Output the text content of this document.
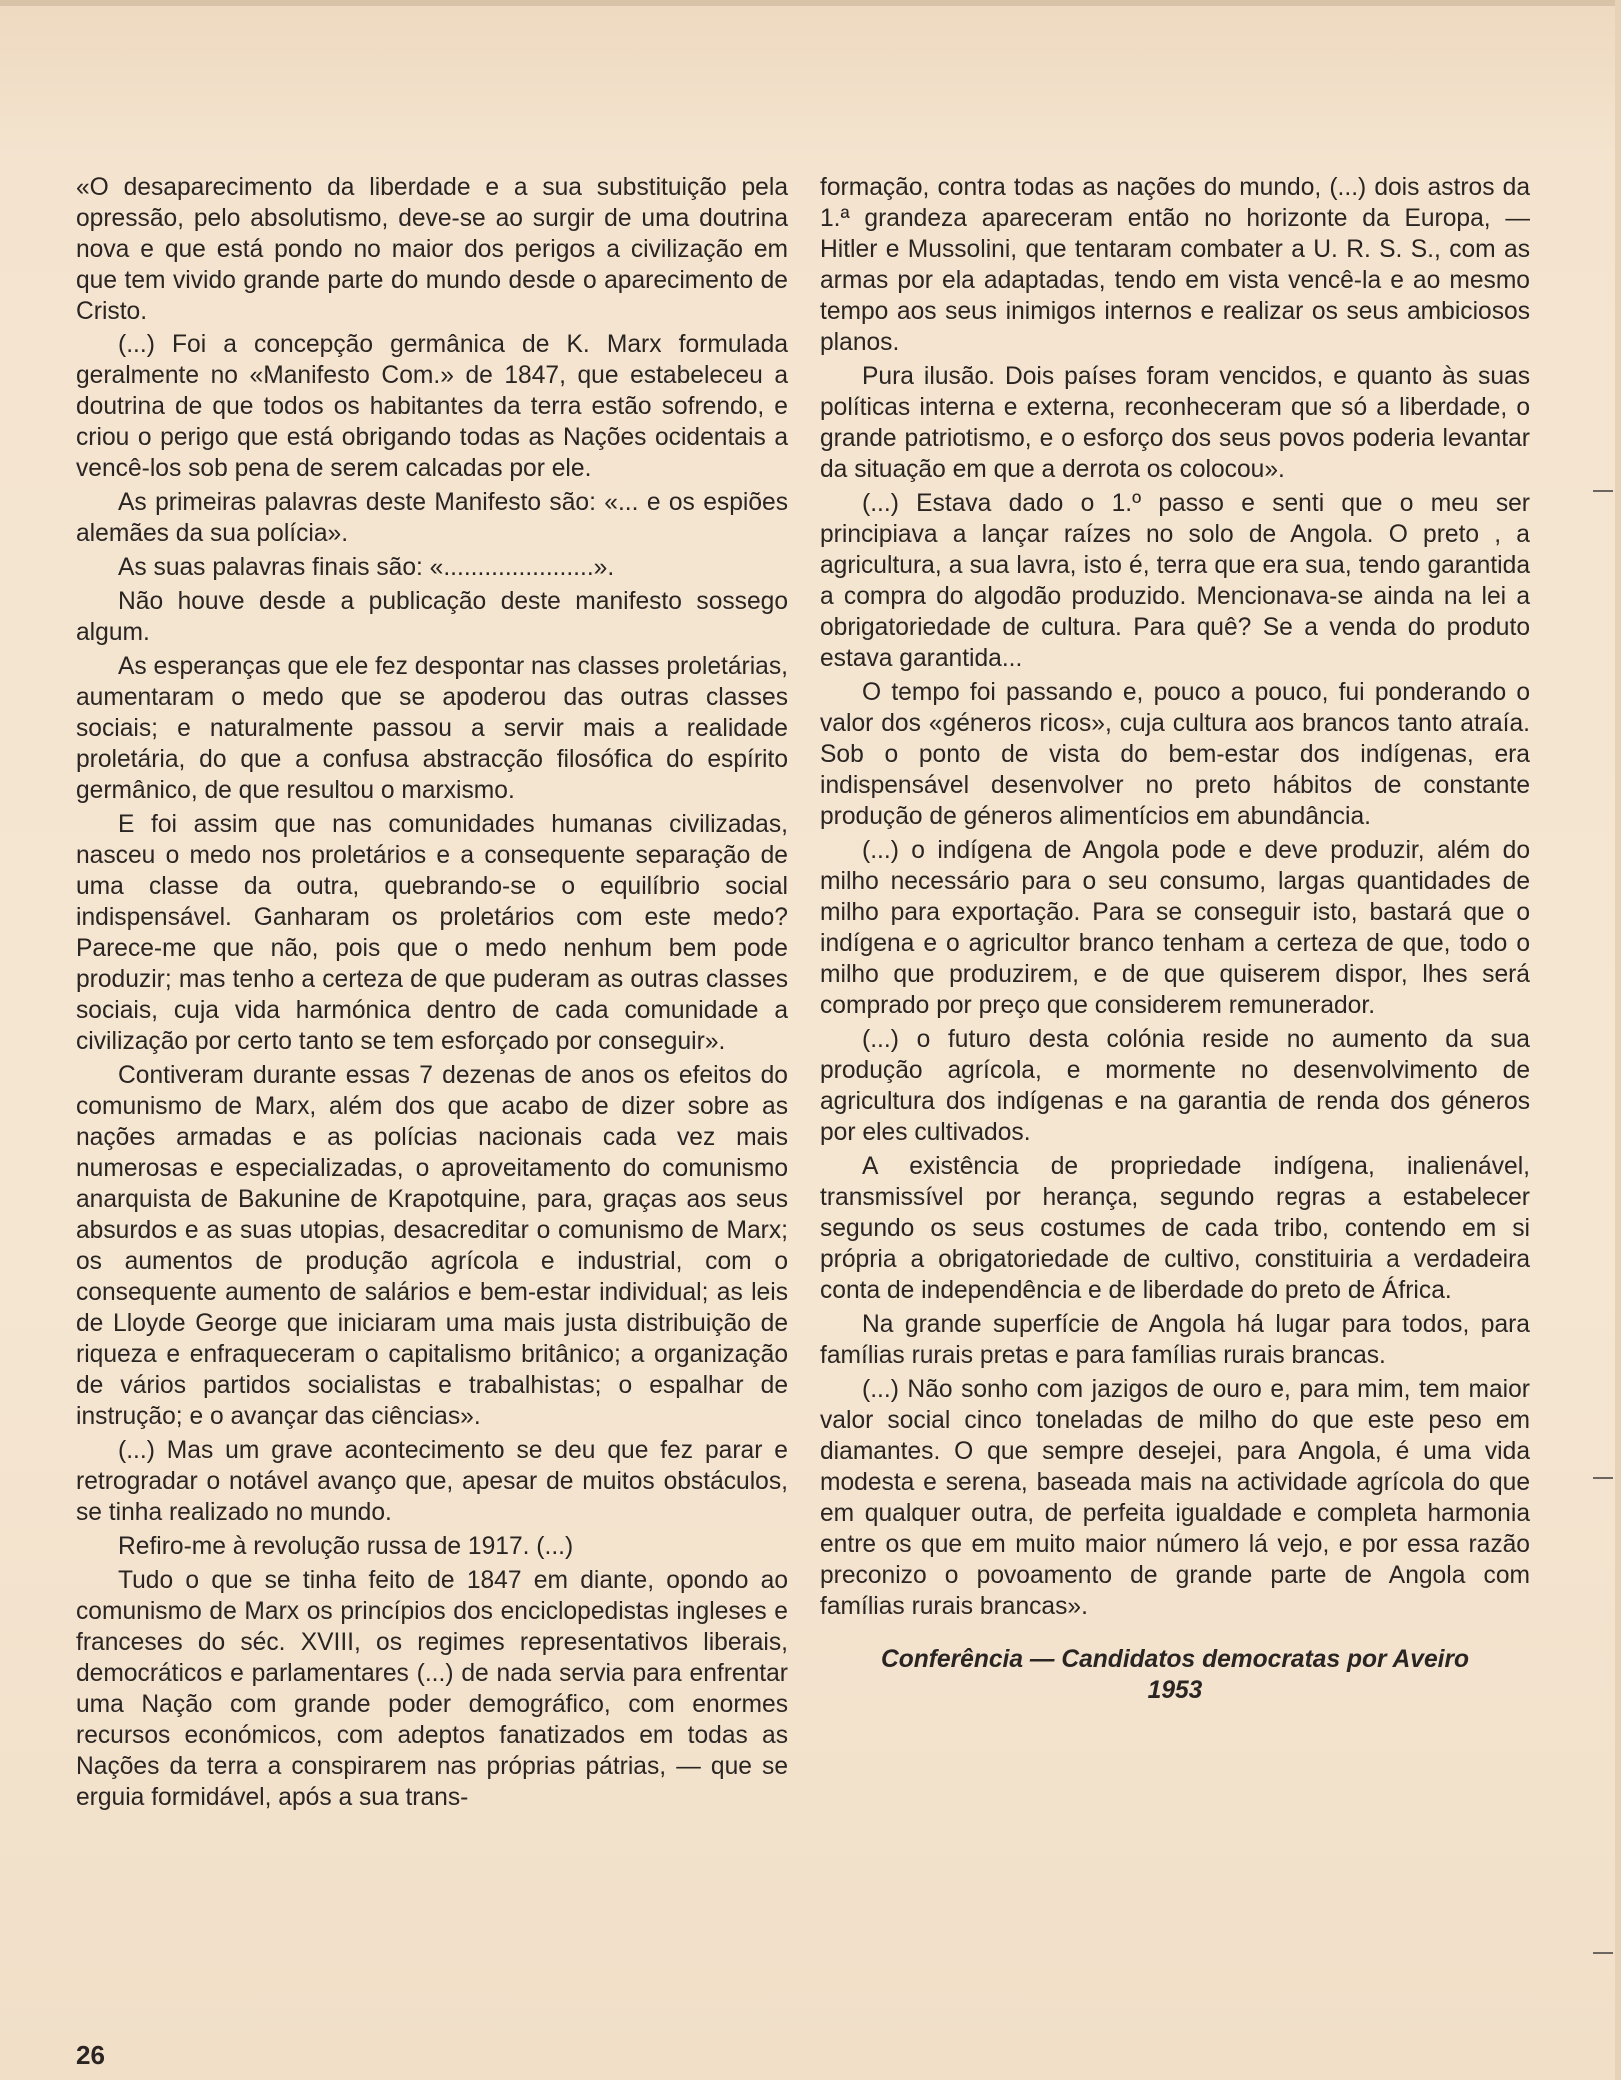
«O desaparecimento da liberdade e a sua substituição pela opressão, pelo absolutismo, deve-se ao surgir de uma doutrina nova e que está pondo no maior dos perigos a civilização em que tem vivido grande parte do mundo desde o aparecimento de Cristo.

(...) Foi a concepção germânica de K. Marx formulada geralmente no «Manifesto Com.» de 1847, que estabeleceu a doutrina de que todos os habitantes da terra estão sofrendo, e criou o perigo que está obrigando todas as Nações ocidentais a vencê-los sob pena de serem calcadas por ele.

As primeiras palavras deste Manifesto são: «... e os espiões alemães da sua polícia».

As suas palavras finais são: «......................».

Não houve desde a publicação deste manifesto sossego algum.

As esperanças que ele fez despontar nas classes proletárias, aumentaram o medo que se apoderou das outras classes sociais; e naturalmente passou a servir mais a realidade proletária, do que a confusa abstracção filosófica do espírito germânico, de que resultou o marxismo.

E foi assim que nas comunidades humanas civilizadas, nasceu o medo nos proletários e a consequente separação de uma classe da outra, quebrando-se o equilíbrio social indispensável. Ganharam os proletários com este medo? Parece-me que não, pois que o medo nenhum bem pode produzir; mas tenho a certeza de que puderam as outras classes sociais, cuja vida harmónica dentro de cada comunidade a civilização por certo tanto se tem esforçado por conseguir».

Contiveram durante essas 7 dezenas de anos os efeitos do comunismo de Marx, além dos que acabo de dizer sobre as nações armadas e as polícias nacionais cada vez mais numerosas e especializadas, o aproveitamento do comunismo anarquista de Bakunine de Krapotquine, para, graças aos seus absurdos e as suas utopias, desacreditar o comunismo de Marx; os aumentos de produção agrícola e industrial, com o consequente aumento de salários e bem-estar individual; as leis de Lloyde George que iniciaram uma mais justa distribuição de riqueza e enfraqueceram o capitalismo britânico; a organização de vários partidos socialistas e trabalhistas; o espalhar de instrução; e o avançar das ciências».

(...) Mas um grave acontecimento se deu que fez parar e retrogradar o notável avanço que, apesar de muitos obstáculos, se tinha realizado no mundo.

Refiro-me à revolução russa de 1917. (...)

Tudo o que se tinha feito de 1847 em diante, opondo ao comunismo de Marx os princípios dos enciclopedistas ingleses e franceses do séc. XVIII, os regimes representativos liberais, democráticos e parlamentares (...) de nada servia para enfrentar uma Nação com grande poder demográfico, com enormes recursos económicos, com adeptos fanatizados em todas as Nações da terra a conspirarem nas próprias pátrias, — que se erguia formidável, após a sua trans-

formação, contra todas as nações do mundo, (...) dois astros da 1.ª grandeza apareceram então no horizonte da Europa, — Hitler e Mussolini, que tentaram combater a U. R. S. S., com as armas por ela adaptadas, tendo em vista vencê-la e ao mesmo tempo aos seus inimigos internos e realizar os seus ambiciosos planos.

Pura ilusão. Dois países foram vencidos, e quanto às suas políticas interna e externa, reconheceram que só a liberdade, o grande patriotismo, e o esforço dos seus povos poderia levantar da situação em que a derrota os colocou».

(...) Estava dado o 1.º passo e senti que o meu ser principiava a lançar raízes no solo de Angola. O preto , a agricultura, a sua lavra, isto é, terra que era sua, tendo garantida a compra do algodão produzido. Mencionava-se ainda na lei a obrigatoriedade de cultura. Para quê? Se a venda do produto estava garantida...

O tempo foi passando e, pouco a pouco, fui ponderando o valor dos «géneros ricos», cuja cultura aos brancos tanto atraía. Sob o ponto de vista do bem-estar dos indígenas, era indispensável desenvolver no preto hábitos de constante produção de géneros alimentícios em abundância.

(...) o indígena de Angola pode e deve produzir, além do milho necessário para o seu consumo, largas quantidades de milho para exportação. Para se conseguir isto, bastará que o indígena e o agricultor branco tenham a certeza de que, todo o milho que produzirem, e de que quiserem dispor, lhes será comprado por preço que considerem remunerador.

(...) o futuro desta colónia reside no aumento da sua produção agrícola, e mormente no desenvolvimento de agricultura dos indígenas e na garantia de renda dos géneros por eles cultivados.

A existência de propriedade indígena, inalienável, transmissível por herança, segundo regras a estabelecer segundo os seus costumes de cada tribo, contendo em si própria a obrigatoriedade de cultivo, constituiria a verdadeira conta de independência e de liberdade do preto de África.

Na grande superfície de Angola há lugar para todos, para famílias rurais pretas e para famílias rurais brancas.

(...) Não sonho com jazigos de ouro e, para mim, tem maior valor social cinco toneladas de milho do que este peso em diamantes. O que sempre desejei, para Angola, é uma vida modesta e serena, baseada mais na actividade agrícola do que em qualquer outra, de perfeita igualdade e completa harmonia entre os que em muito maior número lá vejo, e por essa razão preconizo o povoamento de grande parte de Angola com famílias rurais brancas».

Conferência — Candidatos democratas por Aveiro
1953
26
